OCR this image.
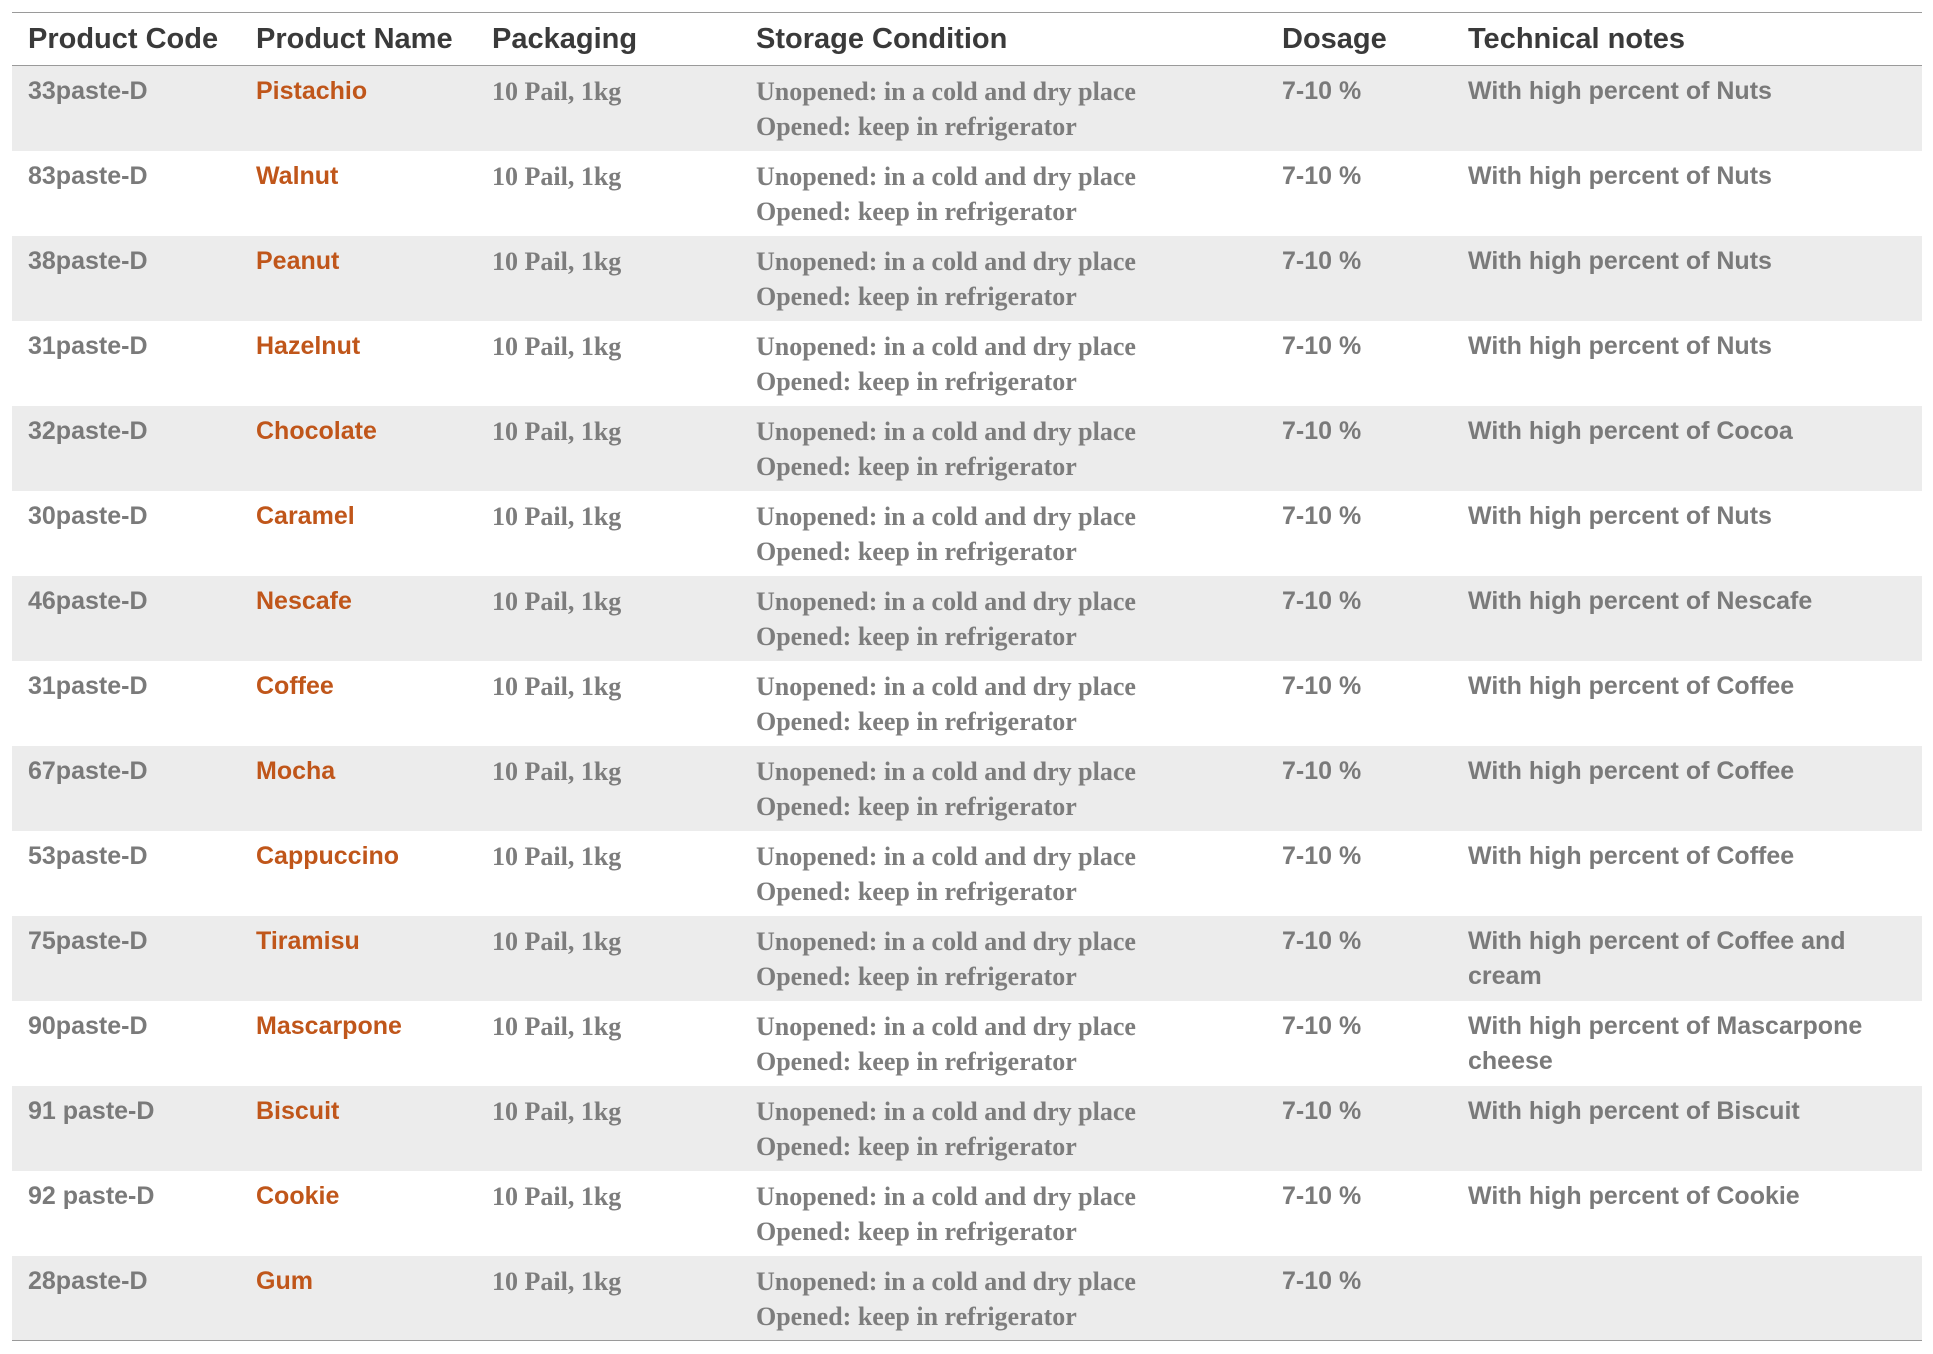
Product Code	Product Name	Packaging	Storage Condition	Dosage	Technical notes
33paste-D	Pistachio	10 Pail, 1kg	Unopened: in a cold and dry place
Opened: keep in refrigerator	7-10 %	With high percent of Nuts
83paste-D	Walnut	10 Pail, 1kg	Unopened: in a cold and dry place
Opened: keep in refrigerator	7-10 %	With high percent of Nuts
38paste-D	Peanut	10 Pail, 1kg	Unopened: in a cold and dry place
Opened: keep in refrigerator	7-10 %	With high percent of Nuts
31paste-D	Hazelnut	10 Pail, 1kg	Unopened: in a cold and dry place
Opened: keep in refrigerator	7-10 %	With high percent of Nuts
32paste-D	Chocolate	10 Pail, 1kg	Unopened: in a cold and dry place
Opened: keep in refrigerator	7-10 %	With high percent of Cocoa
30paste-D	Caramel	10 Pail, 1kg	Unopened: in a cold and dry place
Opened: keep in refrigerator	7-10 %	With high percent of Nuts
46paste-D	Nescafe	10 Pail, 1kg	Unopened: in a cold and dry place
Opened: keep in refrigerator	7-10 %	With high percent of Nescafe
31paste-D	Coffee	10 Pail, 1kg	Unopened: in a cold and dry place
Opened: keep in refrigerator	7-10 %	With high percent of Coffee
67paste-D	Mocha	10 Pail, 1kg	Unopened: in a cold and dry place
Opened: keep in refrigerator	7-10 %	With high percent of Coffee
53paste-D	Cappuccino	10 Pail, 1kg	Unopened: in a cold and dry place
Opened: keep in refrigerator	7-10 %	With high percent of Coffee
75paste-D	Tiramisu	10 Pail, 1kg	Unopened: in a cold and dry place
Opened: keep in refrigerator	7-10 %	With high percent of Coffee and cream
90paste-D	Mascarpone	10 Pail, 1kg	Unopened: in a cold and dry place
Opened: keep in refrigerator	7-10 %	With high percent of Mascarpone cheese
91 paste-D	Biscuit	10 Pail, 1kg	Unopened: in a cold and dry place
Opened: keep in refrigerator	7-10 %	With high percent of Biscuit
92 paste-D	Cookie	10 Pail, 1kg	Unopened: in a cold and dry place
Opened: keep in refrigerator	7-10 %	With high percent of Cookie
28paste-D	Gum	10 Pail, 1kg	Unopened: in a cold and dry place
Opened: keep in refrigerator	7-10 %	
